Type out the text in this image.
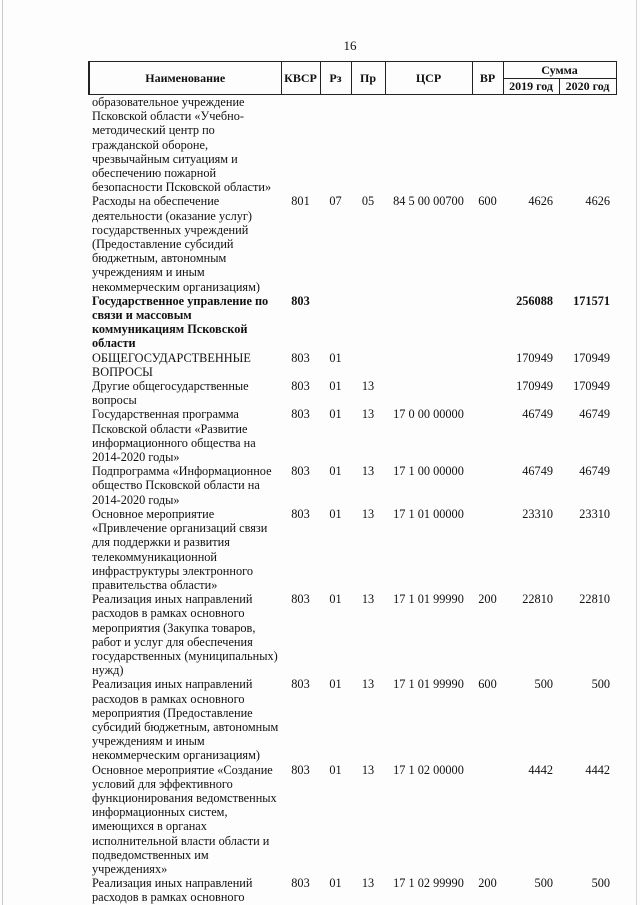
16
Наименование	КВСР	Рз	Пр	ЦСР	ВР	Сумма	
						2019 год	2020 год
образовательное учреждение Псковской области «Учебно-методический центр по гражданской обороне, чрезвычайным ситуациям и обеспечению пожарной безопасности Псковской области»							
Расходы на обеспечение деятельности (оказание услуг) государственных учреждений (Предоставление субсидий бюджетным, автономным учреждениям и иным некоммерческим организациям)	801	07	05	84 5 00 00700	600	4626	4626
Государственное управление по связи и массовым коммуникациям Псковской области	803					256088	171571
ОБЩЕГОСУДАРСТВЕННЫЕ ВОПРОСЫ	803	01				170949	170949
Другие общегосударственные вопросы	803	01	13			170949	170949
Государственная программа Псковской области «Развитие информационного общества на 2014-2020 годы»	803	01	13	17 0 00 00000		46749	46749
Подпрограмма «Информационное общество Псковской области на 2014-2020 годы»	803	01	13	17 1 00 00000		46749	46749
Основное мероприятие «Привлечение организаций связи для поддержки и развития телекоммуникационной инфраструктуры электронного правительства области»	803	01	13	17 1 01 00000		23310	23310
Реализация иных направлений расходов в рамках основного мероприятия (Закупка товаров, работ и услуг для обеспечения государственных (муниципальных) нужд)	803	01	13	17 1 01 99990	200	22810	22810
Реализация иных направлений расходов в рамках основного мероприятия (Предоставление субсидий бюджетным, автономным учреждениям и иным некоммерческим организациям)	803	01	13	17 1 01 99990	600	500	500
Основное мероприятие «Создание условий для эффективного функционирования ведомственных информационных систем, имеющихся в органах исполнительной власти области и подведомственных им учреждениях»	803	01	13	17 1 02 00000		4442	4442
Реализация иных направлений расходов в рамках основного	803	01	13	17 1 02 99990	200	500	500
